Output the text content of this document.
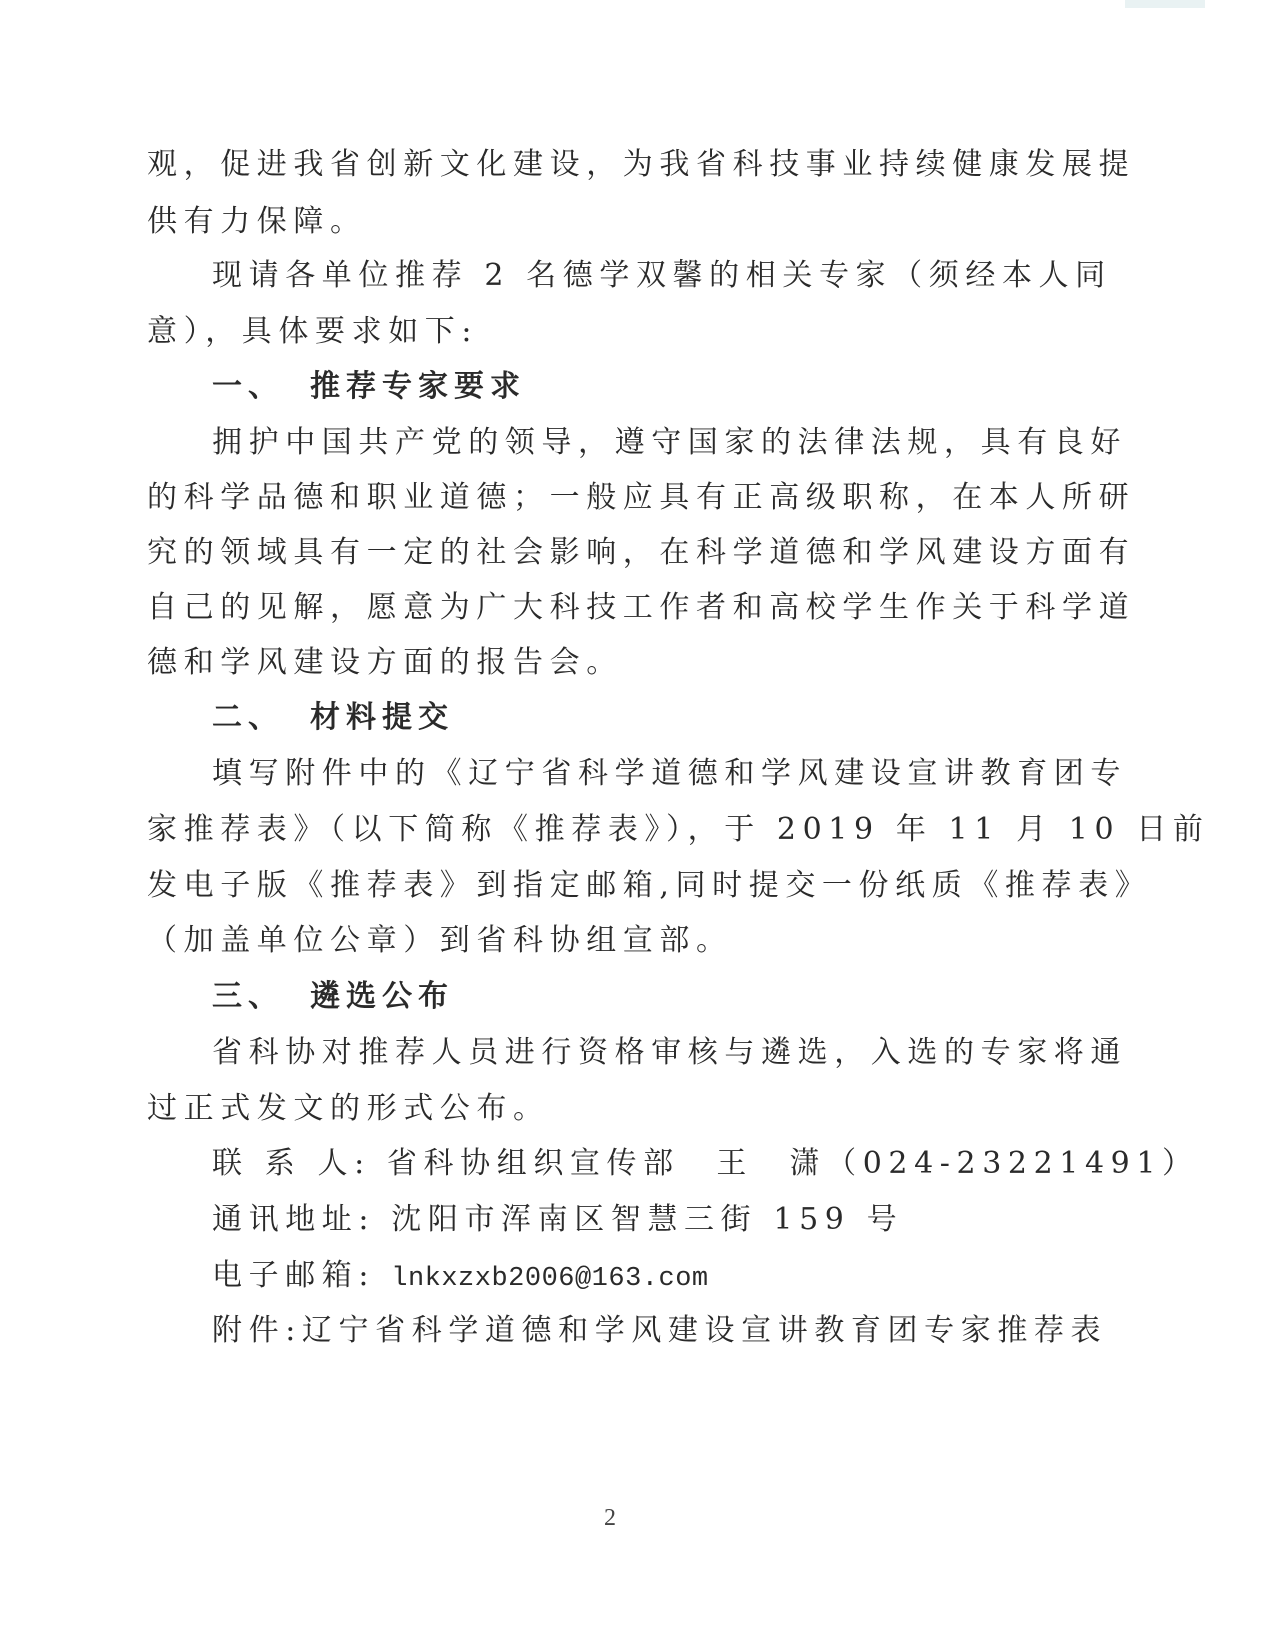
观，促进我省创新文化建设，为我省科技事业持续健康发展提
供有力保障。
现请各单位推荐 2 名德学双馨的相关专家（须经本人同
意），具体要求如下:
一、 推荐专家要求
拥护中国共产党的领导，遵守国家的法律法规，具有良好
的科学品德和职业道德；一般应具有正高级职称，在本人所研
究的领域具有一定的社会影响，在科学道德和学风建设方面有
自己的见解，愿意为广大科技工作者和高校学生作关于科学道
德和学风建设方面的报告会。
二、 材料提交
填写附件中的《辽宁省科学道德和学风建设宣讲教育团专
家推荐表》（以下简称《推荐表》），于 2019 年 11 月 10 日前
发电子版《推荐表》到指定邮箱,同时提交一份纸质《推荐表》
（加盖单位公章）到省科协组宣部。
三、 遴选公布
省科协对推荐人员进行资格审核与遴选，入选的专家将通
过正式发文的形式公布。
联 系 人: 省科协组织宣传部　王　潇（024-23221491）
通讯地址: 沈阳市浑南区智慧三街 159 号
电子邮箱: lnkxzxb2006@163.com
附件:辽宁省科学道德和学风建设宣讲教育团专家推荐表
2
